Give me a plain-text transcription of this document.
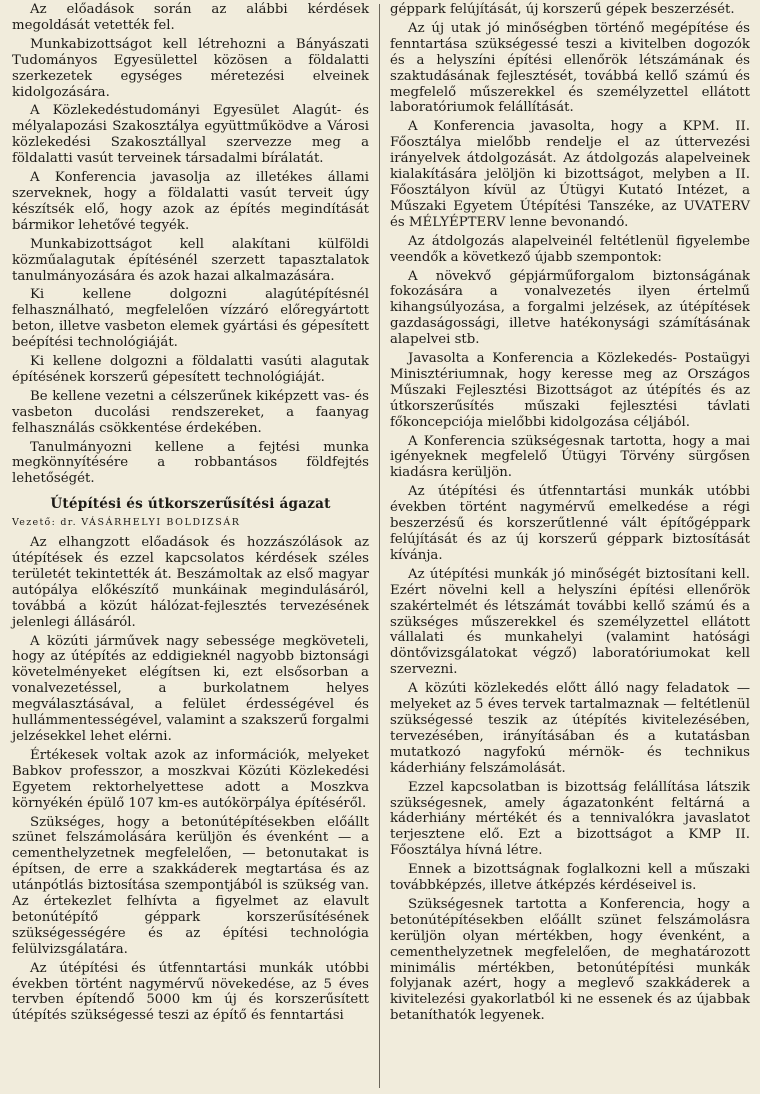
Az előadások során az alábbi kérdések megoldását vetették fel.

Munkabizottságot kell létrehozni a Bányászati Tudományos Egyesülettel közösen a földalatti szerkezetek egységes méretezési elveinek kidolgozására.

A Közlekedéstudományi Egyesület Alagút- és mélyalapozási Szakosztálya együttműködve a Városi közlekedési Szakosztállyal szervezze meg a földalatti vasút terveinek társadalmi bírálatát.

A Konferencia javasolja az illetékes állami szerveknek, hogy a földalatti vasút terveit úgy készítsék elő, hogy azok az építés megindítását bármikor lehetővé tegyék.

Munkabizottságot kell alakítani külföldi közműalagutak építésénél szerzett tapasztalatok tanulmányozására és azok hazai alkalmazására.

Ki kellene dolgozni alagútépítésnél felhasználható, megfelelően vízzáró előregyártott beton, illetve vasbeton elemek gyártási és gépesített beépítési technológiáját.

Ki kellene dolgozni a földalatti vasúti alagutak építésének korszerű gépesített technológiáját.

Be kellene vezetni a célszerűnek kiképzett vas- és vasbeton ducolási rendszereket, a faanyag felhasználás csökkentése érdekében.

Tanulmányozni kellene a fejtési munka megkönnyítésére a robbantásos földfejtés lehetőségét.

Útépítési és útkorszerűsítési ágazat

Vezető: dr. VÁSÁRHELYI BOLDIZSÁR

Az elhangzott előadások és hozzászólások az útépítések és ezzel kapcsolatos kérdések széles területét tekintették át. Beszámoltak az első magyar autópálya előkészítő munkáinak megindulásáról, továbbá a közút hálózat-fejlesztés tervezésének jelenlegi állásáról.

A közúti járművek nagy sebessége megköveteli, hogy az útépítés az eddigieknél nagyobb biztonsági követelményeket elégítsen ki, ezt elsősorban a vonalvezetéssel, a burkolatnem helyes megválasztásával, a felület érdességével és hullámmentességével, valamint a szakszerű forgalmi jelzésekkel lehet elérni.

Értékesek voltak azok az információk, melyeket Babkov professzor, a moszkvai Közúti Közlekedési Egyetem rektorhelyettese adott a Moszkva környékén épülő 107 km-es autókörpálya építéséről.

Szükséges, hogy a betonútépítésekben előállt szünet felszámolására kerüljön és évenként — a cementhelyzetnek megfelelően, — betonutakat is építsen, de erre a szakkáderek megtartása és az utánpótlás biztosítása szempontjából is szükség van. Az értekezlet felhívta a figyelmet az elavult betonútépítő géppark korszerűsítésének szükségességére és az építési technológia felülvizsgálatára.

Az útépítési és útfenntartási munkák utóbbi években történt nagymérvű növekedése, az 5 éves tervben építendő 5000 km új és korszerűsített útépítés szükségessé teszi az építő és fenntartási

géppark felújítását, új korszerű gépek beszerzését.

Az új utak jó minőségben történő megépítése és fenntartása szükségessé teszi a kivitelben dogozók és a helyszíni építési ellenőrök létszámának és szaktudásának fejlesztését, továbbá kellő számú és megfelelő műszerekkel és személyzettel ellátott laboratóriumok felállítását.

A Konferencia javasolta, hogy a KPM. II. Főosztálya mielőbb rendelje el az úttervezési irányelvek átdolgozását. Az átdolgozás alapelveinek kialakítására jelöljön ki bizottságot, melyben a II. Főosztályon kívül az Útügyi Kutató Intézet, a Műszaki Egyetem Útépítési Tanszéke, az UVATERV és MÉLYÉPTERV lenne bevonandó.

Az átdolgozás alapelveinél feltétlenül figyelembe veendők a következő újabb szempontok:

A növekvő gépjárműforgalom biztonságának fokozására a vonalvezetés ilyen értelmű kihangsúlyozása, a forgalmi jelzések, az útépítések gazdaságossági, illetve hatékonysági számításának alapelvei stb.

Javasolta a Konferencia a Közlekedés- Postaügyi Minisztériumnak, hogy keresse meg az Országos Műszaki Fejlesztési Bizottságot az útépítés és az útkorszerűsítés műszaki fejlesztési távlati főkoncepciója mielőbbi kidolgozása céljából.

A Konferencia szükségesnak tartotta, hogy a mai igényeknek megfelelő Útügyi Törvény sürgősen kiadásra kerüljön.

Az útépítési és útfenntartási munkák utóbbi években történt nagymérvű emelkedése a régi beszerzésű és korszerűtlenné vált építőgéppark felújítását és az új korszerű géppark biztosítását kívánja.

Az útépítési munkák jó minőségét biztosítani kell. Ezért növelni kell a helyszíni építési ellenőrök szakértelmét és létszámát további kellő számú és a szükséges műszerekkel és személyzettel ellátott vállalati és munkahelyi (valamint hatósági döntővizsgálatokat végző) laboratóriumokat kell szervezni.

A közúti közlekedés előtt álló nagy feladatok — melyeket az 5 éves tervek tartalmaznak — feltétlenül szükségessé teszik az útépítés kivitelezésében, tervezésében, irányításában és a kutatásban mutatkozó nagyfokú mérnök- és technikus káderhiány felszámolását.

Ezzel kapcsolatban is bizottság felállítása látszik szükségesnek, amely ágazatonként feltárná a káderhiány mértékét és a tennivalókra javaslatot terjesztene elő. Ezt a bizottságot a KMP II. Főosztálya hívná létre.

Ennek a bizottságnak foglalkozni kell a műszaki továbbképzés, illetve átképzés kérdéseivel is.

Szükségesnek tartotta a Konferencia, hogy a betonútépítésekben előállt szünet felszámolásra kerüljön olyan mértékben, hogy évenként, a cementhelyzetnek megfelelően, de meghatározott minimális mértékben, betonútépítési munkák folyjanak azért, hogy a meglevő szakkáderek a kivitelezési gyakorlatból ki ne essenek és az újabbak betaníthatók legyenek.
